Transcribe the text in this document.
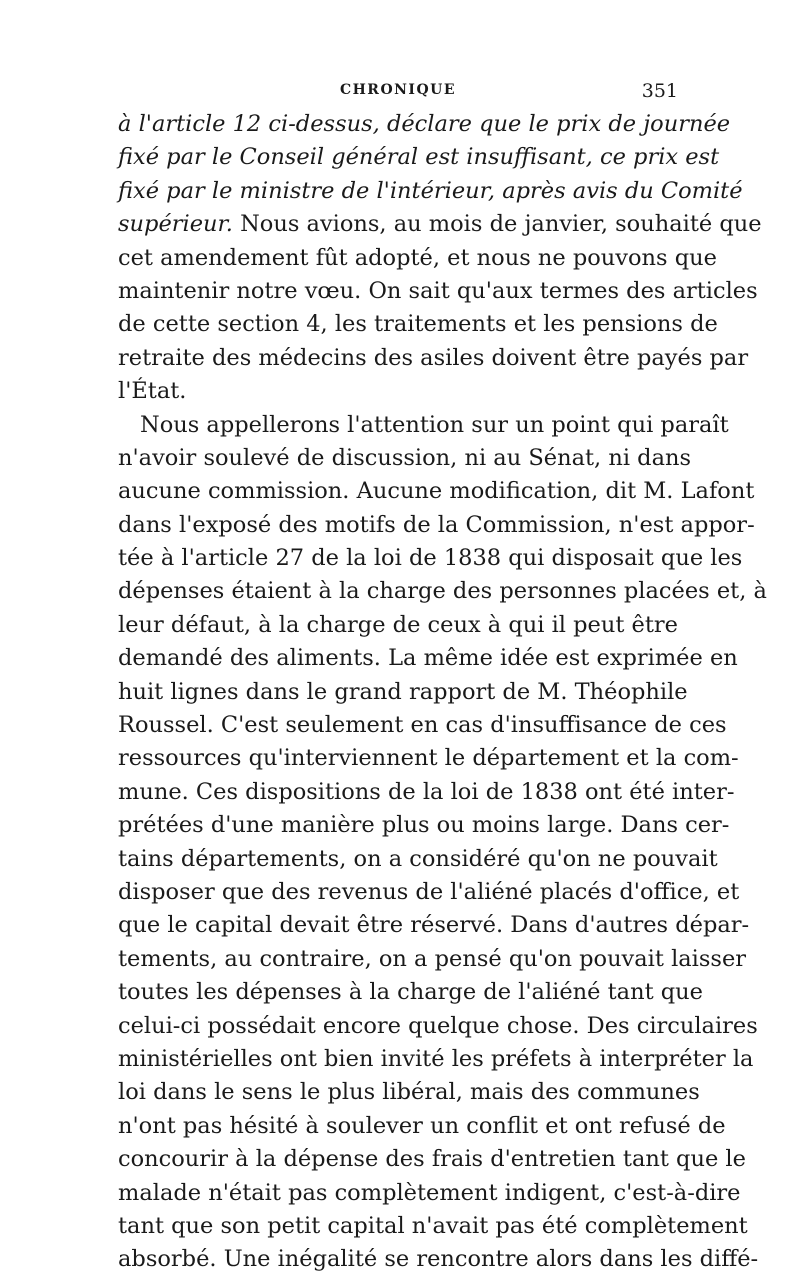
CHRONIQUE	351
à l'article 12 ci-dessus, déclare que le prix de journée
fixé par le Conseil général est insuffisant, ce prix est
fixé par le ministre de l'intérieur, après avis du Comité
supérieur. Nous avions, au mois de janvier, souhaité que
cet amendement fût adopté, et nous ne pouvons que
maintenir notre vœu. On sait qu'aux termes des articles
de cette section 4, les traitements et les pensions de
retraite des médecins des asiles doivent être payés par
l'État.
Nous appellerons l'attention sur un point qui paraît
n'avoir soulevé de discussion, ni au Sénat, ni dans
aucune commission. Aucune modification, dit M. Lafont
dans l'exposé des motifs de la Commission, n'est appor-
tée à l'article 27 de la loi de 1838 qui disposait que les
dépenses étaient à la charge des personnes placées et, à
leur défaut, à la charge de ceux à qui il peut être
demandé des aliments. La même idée est exprimée en
huit lignes dans le grand rapport de M. Théophile
Roussel. C'est seulement en cas d'insuffisance de ces
ressources qu'interviennent le département et la com-
mune. Ces dispositions de la loi de 1838 ont été inter-
prétées d'une manière plus ou moins large. Dans cer-
tains départements, on a considéré qu'on ne pouvait
disposer que des revenus de l'aliéné placés d'office, et
que le capital devait être réservé. Dans d'autres dépar-
tements, au contraire, on a pensé qu'on pouvait laisser
toutes les dépenses à la charge de l'aliéné tant que
celui-ci possédait encore quelque chose. Des circulaires
ministérielles ont bien invité les préfets à interpréter la
loi dans le sens le plus libéral, mais des communes
n'ont pas hésité à soulever un conflit et ont refusé de
concourir à la dépense des frais d'entretien tant que le
malade n'était pas complètement indigent, c'est-à-dire
tant que son petit capital n'avait pas été complètement
absorbé. Une inégalité se rencontre alors dans les diffé-
